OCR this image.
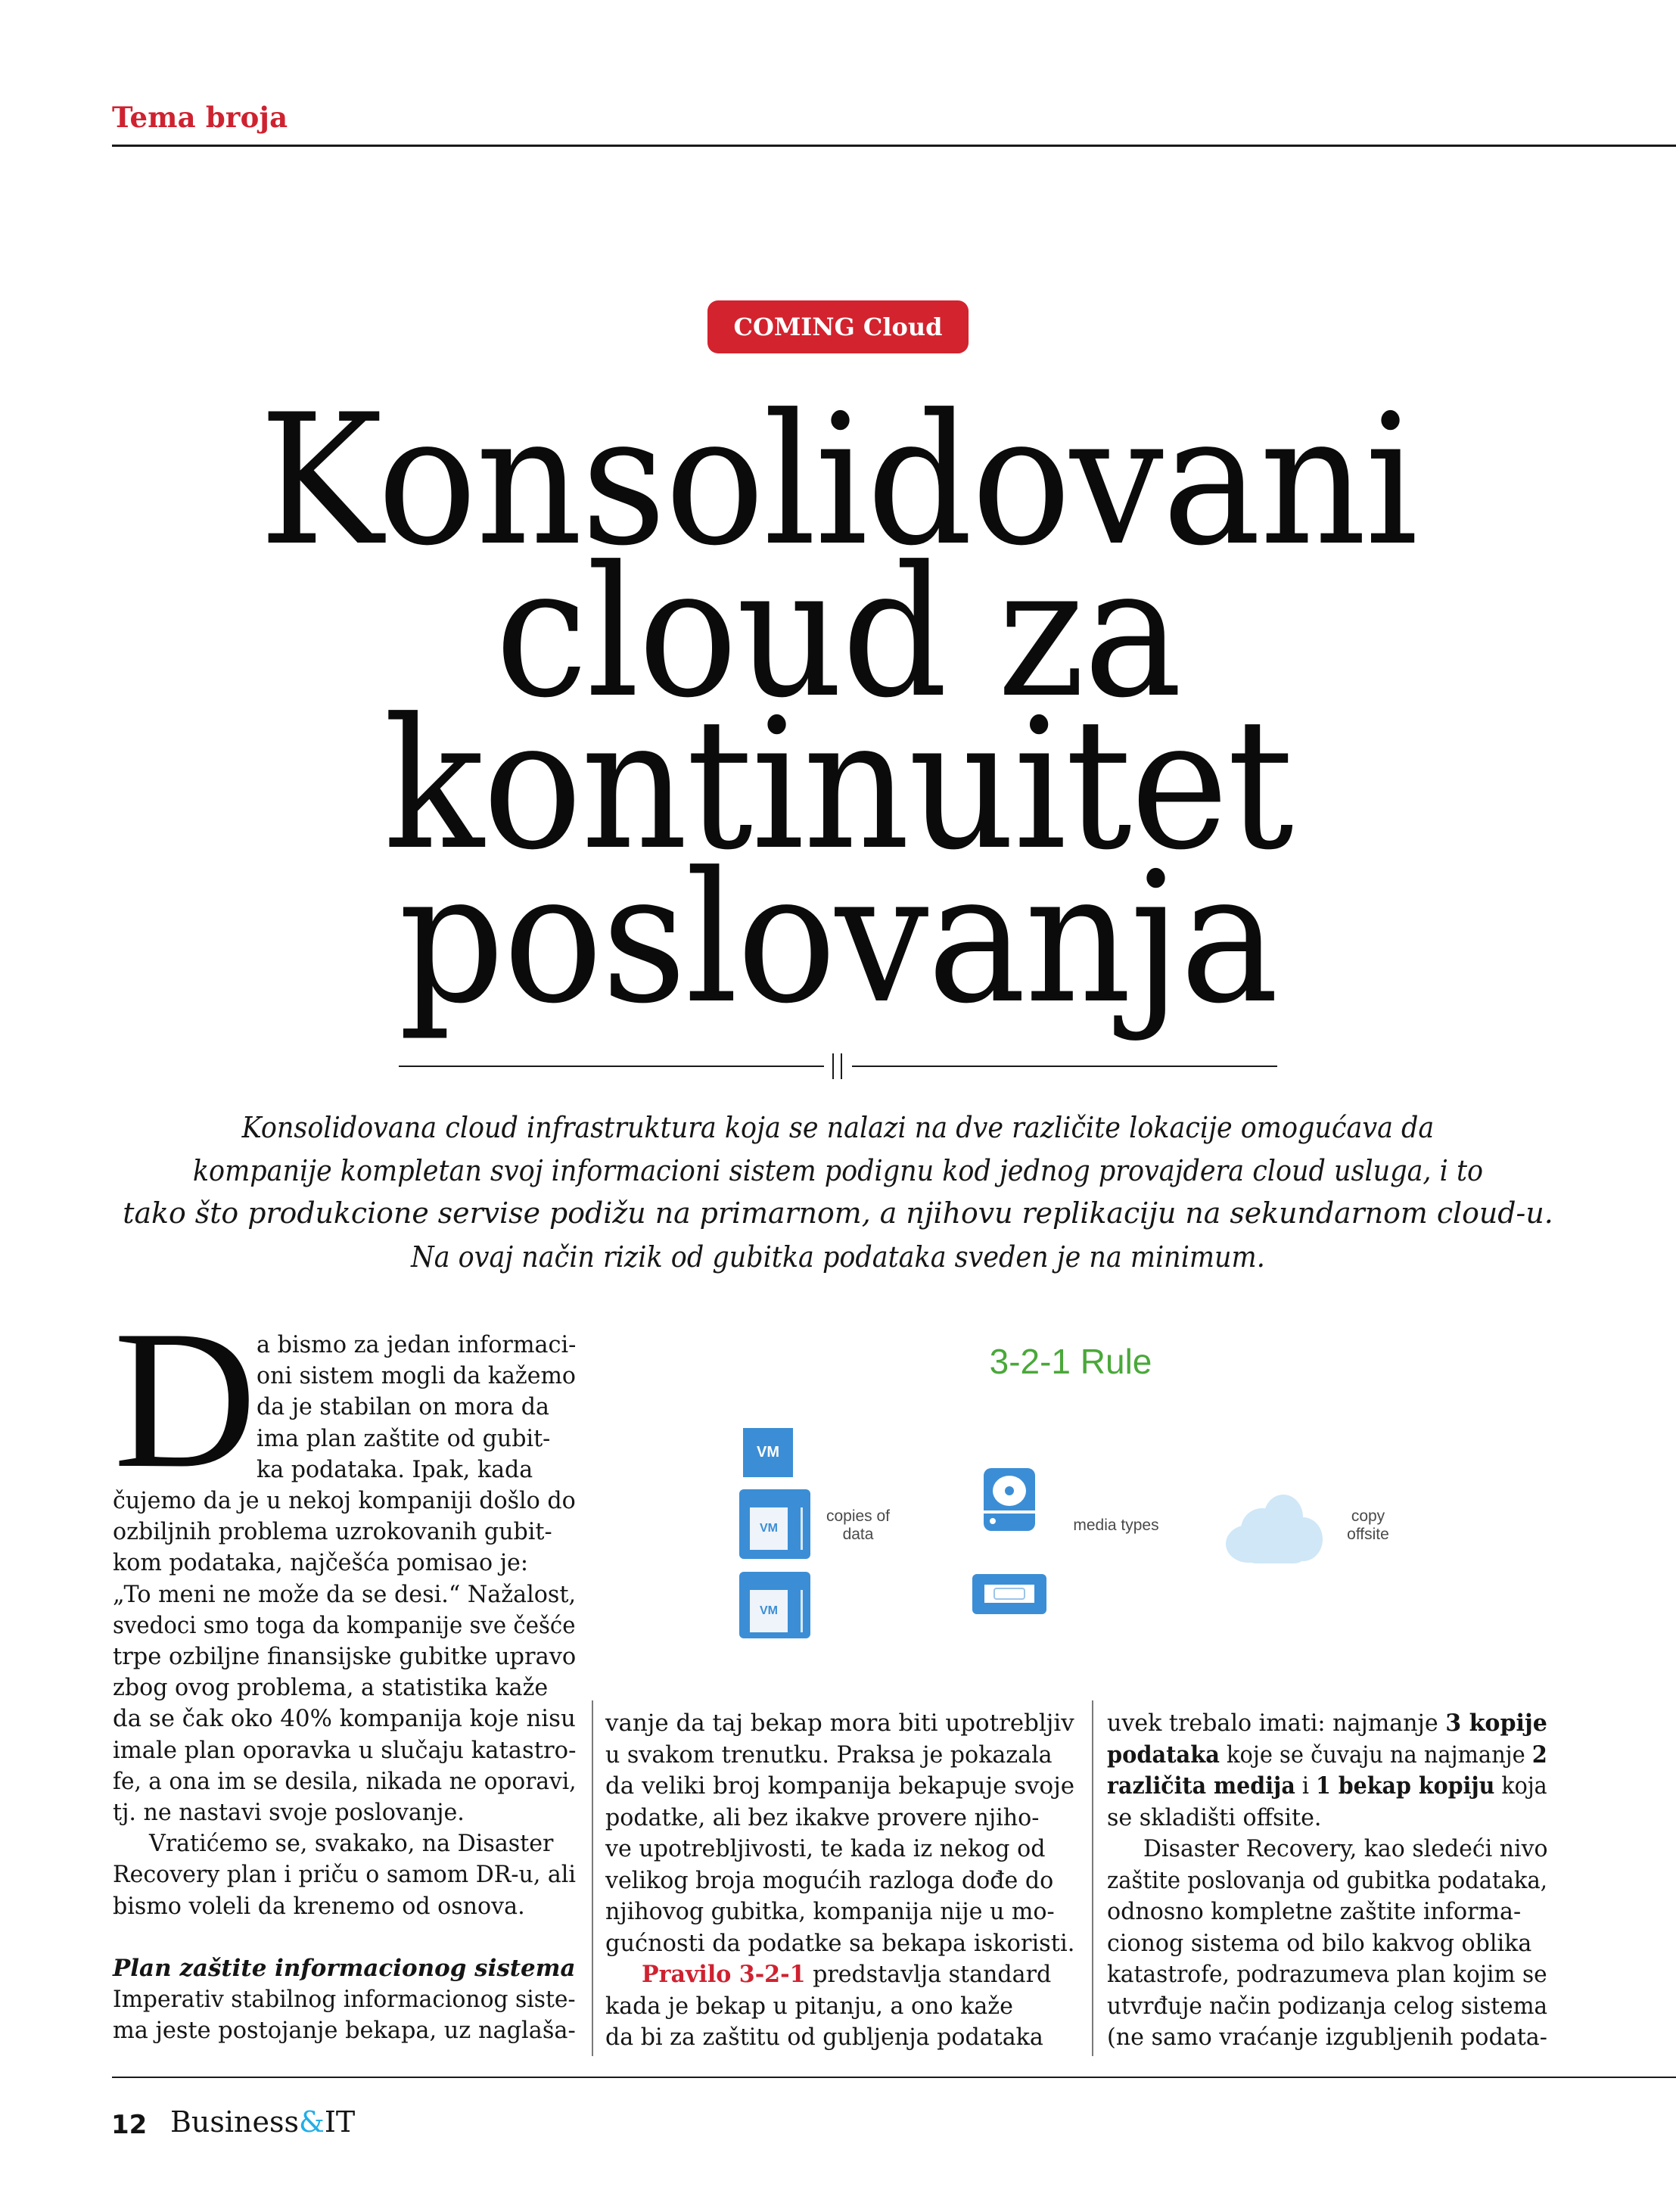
Tema broja
COMING Cloud
Konsolidovani
cloud za
kontinuitet
poslovanja
Konsolidovana cloud infrastruktura koja se nalazi na dve različite lokacije omogućava da
kompanije kompletan svoj informacioni sistem podignu kod jednog provajdera cloud usluga, i to
tako što produkcione servise podižu na primarnom, a njihovu replikaciju na sekundarnom cloud-u.
Na ovaj način rizik od gubitka podataka sveden je na minimum.
D a bismo za jedan informaci-
oni sistem mogli da kažemo
da je stabilan on mora da
ima plan zaštite od gubit-
ka podataka. Ipak, kada
čujemo da je u nekoj kompaniji došlo do
ozbiljnih problema uzrokovanih gubit-
kom podataka, najčešća pomisao je:
„To meni ne može da se desi.“ Nažalost,
svedoci smo toga da kompanije sve češće
trpe ozbiljne finansijske gubitke upravo
zbog ovog problema, a statistika kaže
da se čak oko 40% kompanija koje nisu
imale plan oporavka u slučaju katastro-
fe, a ona im se desila, nikada ne oporavi,
tj. ne nastavi svoje poslovanje.
Vratićemo se, svakako, na Disaster
Recovery plan i priču o samom DR-u, ali
bismo voleli da krenemo od osnova.
Plan zaštite informacionog sistema
Imperativ stabilnog informacionog siste-
ma jeste postojanje bekapa, uz naglaša-
vanje da taj bekap mora biti upotrebljiv
u svakom trenutku. Praksa je pokazala
da veliki broj kompanija bekapuje svoje
podatke, ali bez ikakve provere njiho-
ve upotrebljivosti, te kada iz nekog od
velikog broja mogućih razloga dođe do
njihovog gubitka, kompanija nije u mo-
gućnosti da podatke sa bekapa iskoristi.
Pravilo 3-2-1 predstavlja standard
kada je bekap u pitanju, a ono kaže
da bi za zaštitu od gubljenja podataka
uvek trebalo imati: najmanje 3 kopije
podataka koje se čuvaju na najmanje 2
različita medija i 1 bekap kopiju koja
se skladišti offsite.
Disaster Recovery, kao sledeći nivo
zaštite poslovanja od gubitka podataka,
odnosno kompletne zaštite informa-
cionog sistema od bilo kakvog oblika
katastrofe, podrazumeva plan kojim se
utvrđuje način podizanja celog sistema
(ne samo vraćanje izgubljenih podata-
3-2-1 Rule
VM
VM
VM
copies of
data
media types
copy
offsite
12 Business&IT
